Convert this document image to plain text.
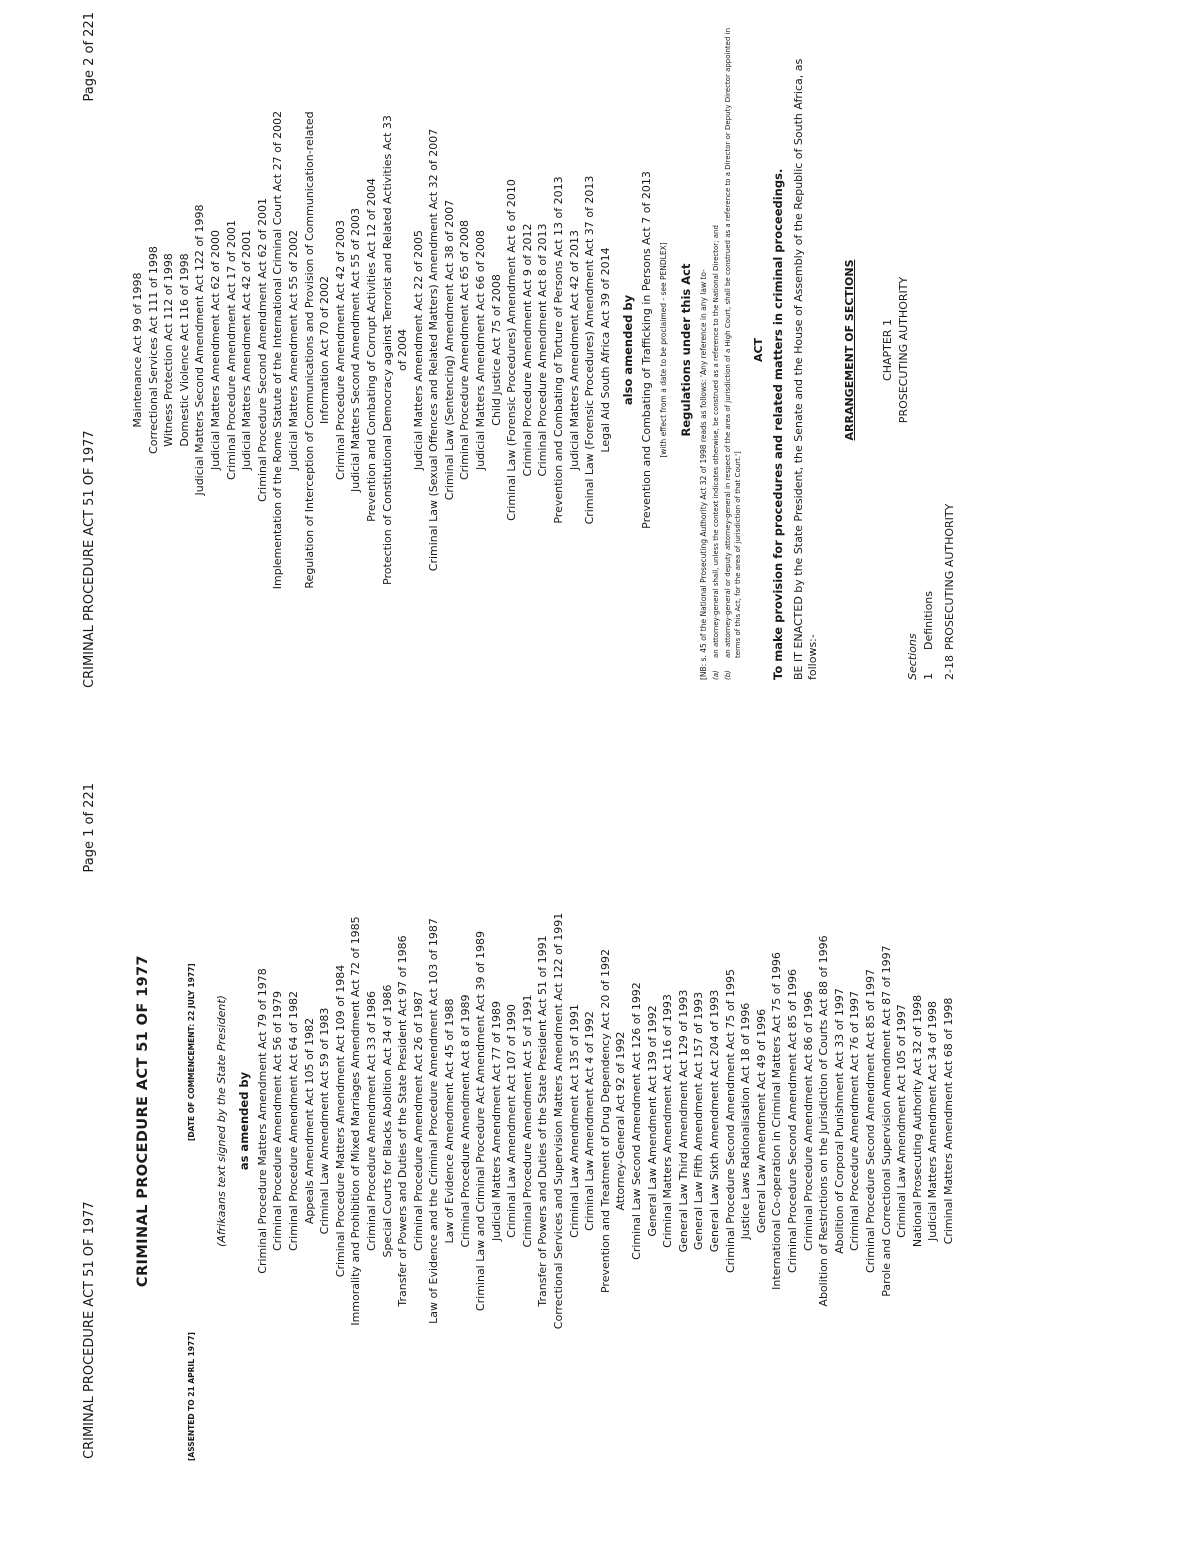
CRIMINAL PROCEDURE ACT 51 OF 1977
Page 2 of 221
Maintenance Act 99 of 1998 Correctional Services Act 111 of 1998 Witness Protection Act 112 of 1998 Domestic Violence Act 116 of 1998 Judicial Matters Second Amendment Act 122 of 1998 Judicial Matters Amendment Act 62 of 2000 Criminal Procedure Amendment Act 17 of 2001 Judicial Matters Amendment Act 42 of 2001 Criminal Procedure Second Amendment Act 62 of 2001 Implementation of the Rome Statute of the International Criminal Court Act 27 of 2002 Judicial Matters Amendment Act 55 of 2002 Regulation of Interception of Communications and Provision of Communication-related Information Act 70 of 2002 Criminal Procedure Amendment Act 42 of 2003 Judicial Matters Second Amendment Act 55 of 2003 Prevention and Combating of Corrupt Activities Act 12 of 2004 Protection of Constitutional Democracy against Terrorist and Related Activities Act 33 of 2004 Judicial Matters Amendment Act 22 of 2005 Criminal Law (Sexual Offences and Related Matters) Amendment Act 32 of 2007 Criminal Law (Sentencing) Amendment Act 38 of 2007 Criminal Procedure Amendment Act 65 of 2008 Judicial Matters Amendment Act 66 of 2008 Child Justice Act 75 of 2008 Criminal Law (Forensic Procedures) Amendment Act 6 of 2010 Criminal Procedure Amendment Act 9 of 2012 Criminal Procedure Amendment Act 8 of 2013 Prevention and Combating of Torture of Persons Act 13 of 2013 Judicial Matters Amendment Act 42 of 2013 Criminal Law (Forensic Procedures) Amendment Act 37 of 2013 Legal Aid South Africa Act 39 of 2014 also amended by Prevention and Combating of Trafficking in Persons Act 7 of 2013 [with effect from a date to be proclaimed - see PENDLEX]	Regulations under this Act [NB: s. 45 of the National Prosecuting Authority Act 32 of 1998 reads as follows: 'Any reference in any law to- (a)
an attorney-general shall, unless the context indicates otherwise, be construed as a reference to the National Director; and
(b)
an attorney-general or deputy attorney-general in respect of the area of jurisdiction of a High Court, shall be construed as a reference to a Director or Deputy Director appointed in terms of this Act, for the area of jurisdiction of that Court.']
ACT To make provision for procedures and related matters in criminal proceedings. BE IT ENACTED by the State President, the Senate and the House of Assembly of the Republic of South Africa, as follows:-
ARRANGEMENT OF SECTIONS CHAPTER 1 PROSECUTING AUTHORITY
Sections 1
Definitions
2-18
PROSECUTING AUTHORITY
CRIMINAL PROCEDURE ACT 51 OF 1977
Page 1 of 221
CRIMINAL PROCEDURE ACT 51 OF 1977
[ASSENTED TO 21 APRIL 1977]
[DATE OF COMMENCEMENT: 22 JULY 1977]	(Afrikaans text signed by the State President) as amended by Criminal Procedure Matters Amendment Act 79 of 1978 Criminal Procedure Amendment Act 56 of 1979 Criminal Procedure Amendment Act 64 of 1982 Appeals Amendment Act 105 of 1982 Criminal Law Amendment Act 59 of 1983 Criminal Procedure Matters Amendment Act 109 of 1984 Immorality and Prohibition of Mixed Marriages Amendment Act 72 of 1985 Criminal Procedure Amendment Act 33 of 1986 Special Courts for Blacks Abolition Act 34 of 1986 Transfer of Powers and Duties of the State President Act 97 of 1986 Criminal Procedure Amendment Act 26 of 1987 Law of Evidence and the Criminal Procedure Amendment Act 103 of 1987 Law of Evidence Amendment Act 45 of 1988 Criminal Procedure Amendment Act 8 of 1989 Criminal Law and Criminal Procedure Act Amendment Act 39 of 1989 Judicial Matters Amendment Act 77 of 1989 Criminal Law Amendment Act 107 of 1990 Criminal Procedure Amendment Act 5 of 1991 Transfer of Powers and Duties of the State President Act 51 of 1991 Correctional Services and Supervision Matters Amendment Act 122 of 1991 Criminal Law Amendment Act 135 of 1991 Criminal Law Amendment Act 4 of 1992 Prevention and Treatment of Drug Dependency Act 20 of 1992 Attorney-General Act 92 of 1992 Criminal Law Second Amendment Act 126 of 1992 General Law Amendment Act 139 of 1992 Criminal Matters Amendment Act 116 of 1993 General Law Third Amendment Act 129 of 1993 General Law Fifth Amendment Act 157 of 1993 General Law Sixth Amendment Act 204 of 1993 Criminal Procedure Second Amendment Act 75 of 1995 Justice Laws Rationalisation Act 18 of 1996 General Law Amendment Act 49 of 1996 International Co-operation in Criminal Matters Act 75 of 1996 Criminal Procedure Second Amendment Act 85 of 1996 Criminal Procedure Amendment Act 86 of 1996 Abolition of Restrictions on the Jurisdiction of Courts Act 88 of 1996 Abolition of Corporal Punishment Act 33 of 1997 Criminal Procedure Amendment Act 76 of 1997 Criminal Procedure Second Amendment Act 85 of 1997 Parole and Correctional Supervision Amendment Act 87 of 1997 Criminal Law Amendment Act 105 of 1997 National Prosecuting Authority Act 32 of 1998 Judicial Matters Amendment Act 34 of 1998 Criminal Matters Amendment Act 68 of 1998
